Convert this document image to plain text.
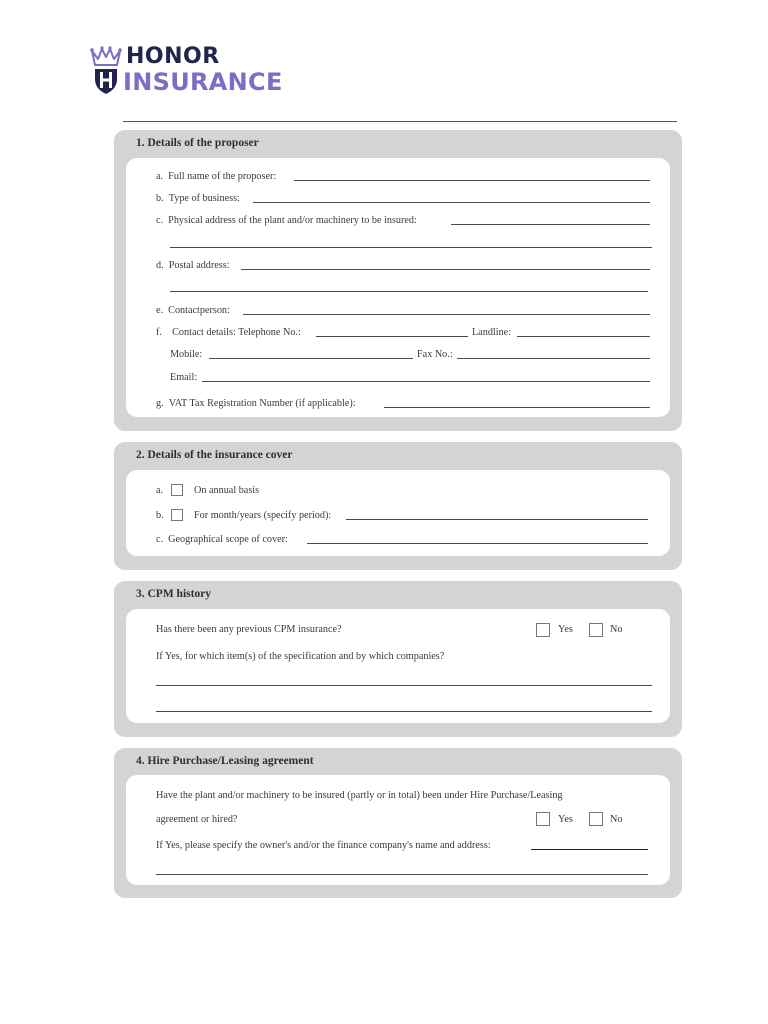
HONOR
INSURANCE
1. Details of the proposer
a. Full name of the proposer:
b. Type of business:
c. Physical address of the plant and/or machinery to be insured:
d. Postal address:
e. Contactperson:
f. Contact details: Telephone No.:	Landline:
Mobile:	Fax No.:
Email:
g. VAT Tax Registration Number (if applicable):
2. Details of the insurance cover
a.	On annual basis
b.	For month/years (specify period):
c. Geographical scope of cover:
3. CPM history
Has there been any previous CPM insurance?	Yes	No
If Yes, for which item(s) of the specification and by which companies?
4. Hire Purchase/Leasing agreement
Have the plant and/or machinery to be insured (partly or in total) been under Hire Purchase/Leasing
agreement or hired?	Yes	No
If Yes, please specify the owner's and/or the finance company's name and address:
